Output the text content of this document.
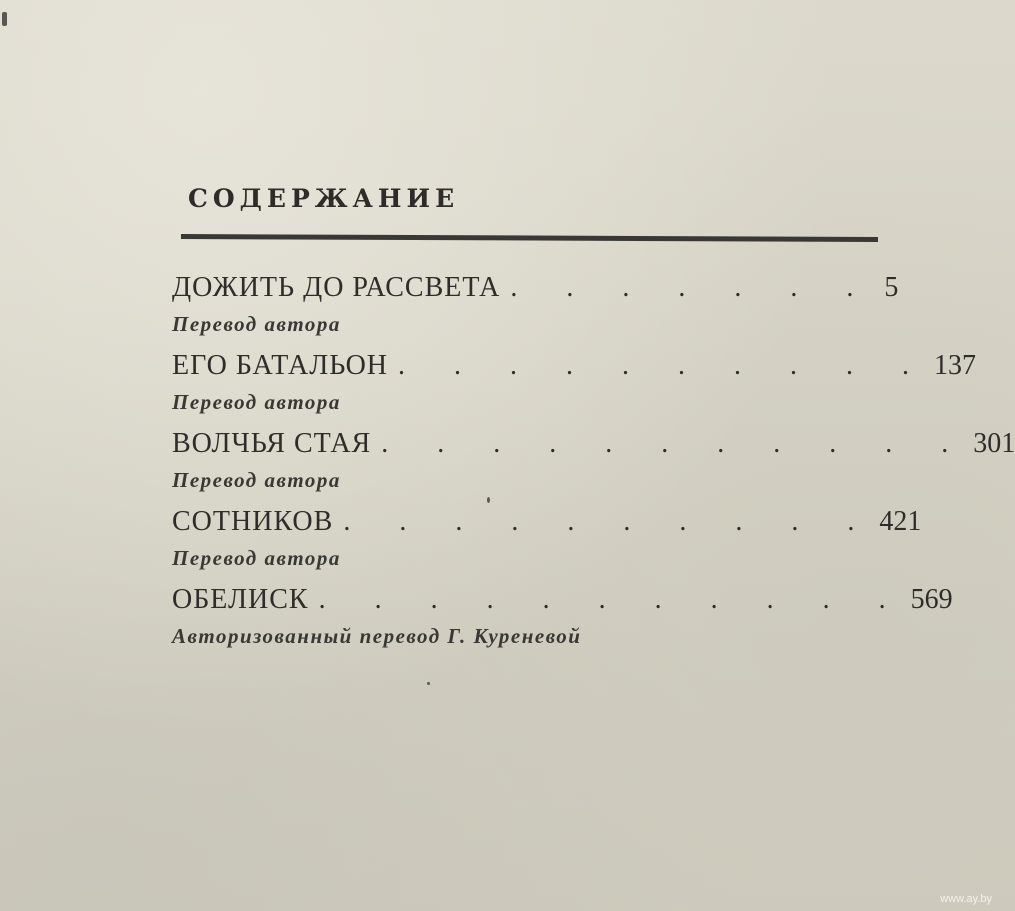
СОДЕРЖАНИЕ
ДОЖИТЬ ДО РАССВЕТА . . . . . . . 5
Перевод автора
ЕГО БАТАЛЬОН . . . . . . . . . . 137
Перевод автора
ВОЛЧЬЯ СТАЯ . . . . . . . . . . . 301
Перевод автора
СОТНИКОВ . . . . . . . . . . 421
Перевод автора
ОБЕЛИСК . . . . . . . . . . . 569
Авторизованный перевод Г. Куреневой
www.ay.by
